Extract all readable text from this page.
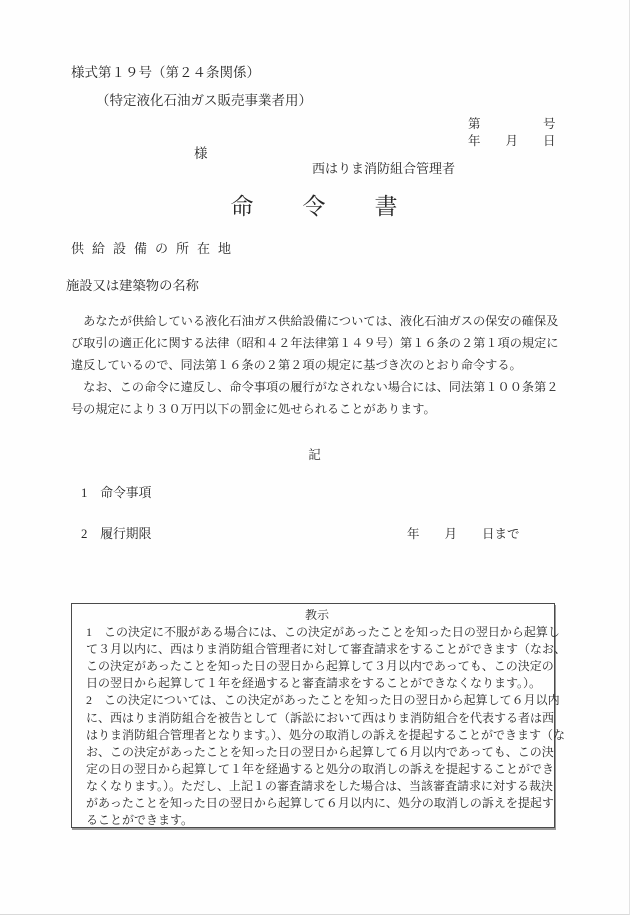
様式第１９号（第２４条関係）
（特定液化石油ガス販売事業者用）
第　　　　　号
年　　月　　日
様
西はりま消防組合管理者
命　　令　　書
供給設備の所在地
施設又は建築物の名称
　あなたが供給している液化石油ガス供給設備については、液化石油ガスの保安の確保及
び取引の適正化に関する法律（昭和４２年法律第１４９号）第１６条の２第１項の規定に
違反しているので、同法第１６条の２第２項の規定に基づき次のとおり命令する。
　なお、この命令に違反し、命令事項の履行がなされない場合には、同法第１００条第２
号の規定により３０万円以下の罰金に処せられることがあります。
記
1　命令事項
2　履行期限	年　　月　　日まで
教示
1　この決定に不服がある場合には、この決定があったことを知った日の翌日から起算し
て３月以内に、西はりま消防組合管理者に対して審査請求をすることができます（なお、
この決定があったことを知った日の翌日から起算して３月以内であっても、この決定の
日の翌日から起算して１年を経過すると審査請求をすることができなくなります。）。
2　この決定については、この決定があったことを知った日の翌日から起算して６月以内
に、西はりま消防組合を被告として（訴訟において西はりま消防組合を代表する者は西
はりま消防組合管理者となります。）、処分の取消しの訴えを提起することができます（な
お、この決定があったことを知った日の翌日から起算して６月以内であっても、この決
定の日の翌日から起算して１年を経過すると処分の取消しの訴えを提起することができ
なくなります。）。ただし、上記１の審査請求をした場合は、当該審査請求に対する裁決
があったことを知った日の翌日から起算して６月以内に、処分の取消しの訴えを提起す
ることができます。
